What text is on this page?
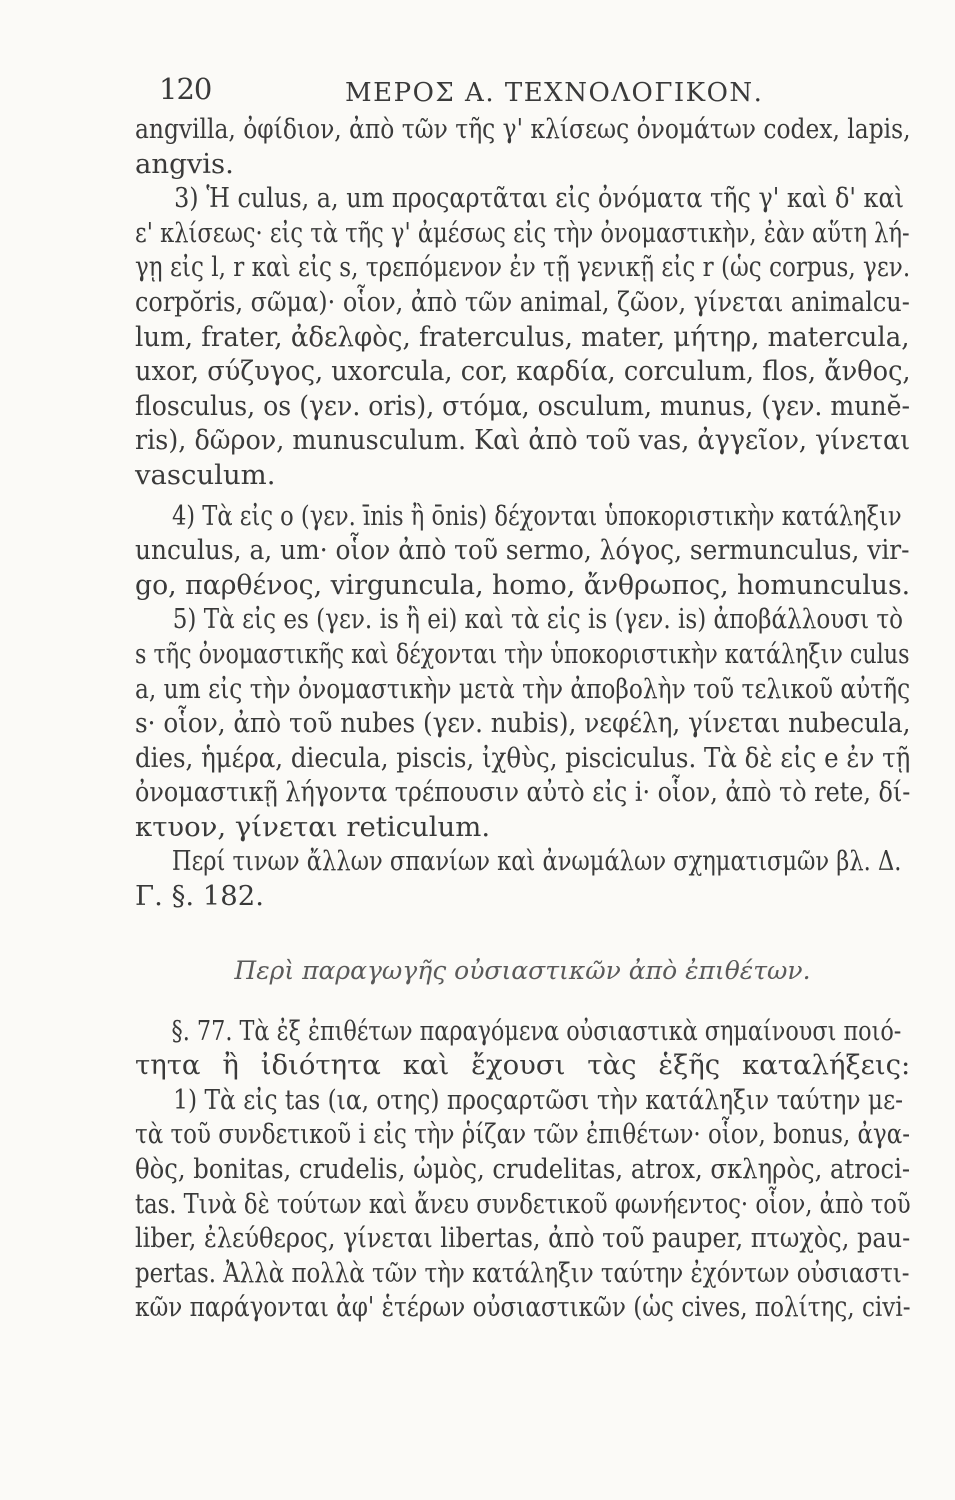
120	ΜΕΡΟΣ Α. ΤΕΧΝΟΛΟΓΙΚΟΝ.
angvilla, ὀφίδιον, ἀπὸ τῶν τῆς γ' κλίσεως ὀνομάτων codex, lapis,
angvis.
3) Ἡ culus, a, um προςαρτᾶται εἰς ὀνόματα τῆς γ' καὶ δ' καὶ
ε' κλίσεως· εἰς τὰ τῆς γ' ἀμέσως εἰς τὴν ὀνομαστικὴν, ἐὰν αὕτη λή-
γῃ εἰς l, r καὶ εἰς s, τρεπόμενον ἐν τῇ γενικῇ εἰς r (ὡς corpus, γεν.
corpŏris, σῶμα)· οἷον, ἀπὸ τῶν animal, ζῶον, γίνεται animalcu-
lum, frater, ἀδελφὸς, fraterculus, mater, μήτηρ, matercula,
uxor, σύζυγος, uxorcula, cor, καρδία, corculum, flos, ἄνθος,
flosculus, os (γεν. oris), στόμα, osculum, munus, (γεν. munĕ-
ris), δῶρον, munusculum. Καὶ ἀπὸ τοῦ vas, ἀγγεῖον, γίνεται
vasculum.
4) Τὰ εἰς o (γεν. īnis ἢ ōnis) δέχονται ὑποκοριστικὴν κατάληξιν
unculus, a, um· οἷον ἀπὸ τοῦ sermo, λόγος, sermunculus, vir-
go, παρθένος, virguncula, homo, ἄνθρωπος, homunculus.
5) Τὰ εἰς es (γεν. is ἢ ei) καὶ τὰ εἰς is (γεν. is) ἀποβάλλουσι τὸ
s τῆς ὀνομαστικῆς καὶ δέχονται τὴν ὑποκοριστικὴν κατάληξιν culus
a, um εἰς τὴν ὀνομαστικὴν μετὰ τὴν ἀποβολὴν τοῦ τελικοῦ αὐτῆς
s· οἷον, ἀπὸ τοῦ nubes (γεν. nubis), νεφέλη, γίνεται nubecula,
dies, ἡμέρα, diecula, piscis, ἰχθὺς, pisciculus. Τὰ δὲ εἰς e ἐν τῇ
ὀνομαστικῇ λήγοντα τρέπουσιν αὐτὸ εἰς i· οἷον, ἀπὸ τὸ rete, δί-
κτυον, γίνεται reticulum.
Περί τινων ἄλλων σπανίων καὶ ἀνωμάλων σχηματισμῶν βλ. Δ.
Γ. §. 182.
Περὶ παραγωγῆς οὐσιαστικῶν ἀπὸ ἐπιθέτων.
§. 77. Τὰ ἐξ ἐπιθέτων παραγόμενα οὐσιαστικὰ σημαίνουσι ποιό-
τητα ἢ ἰδιότητα καὶ ἔχουσι τὰς ἑξῆς καταλήξεις:
1) Τὰ εἰς tas (ια, οτης) προςαρτῶσι τὴν κατάληξιν ταύτην με-
τὰ τοῦ συνδετικοῦ i εἰς τὴν ῥίζαν τῶν ἐπιθέτων· οἷον, bonus, ἀγα-
θὸς, bonitas, crudelis, ὠμὸς, crudelitas, atrox, σκληρὸς, atroci-
tas. Τινὰ δὲ τούτων καὶ ἄνευ συνδετικοῦ φωνήεντος· οἷον, ἀπὸ τοῦ
liber, ἐλεύθερος, γίνεται libertas, ἀπὸ τοῦ pauper, πτωχὸς, pau-
pertas. Ἀλλὰ πολλὰ τῶν τὴν κατάληξιν ταύτην ἐχόντων οὐσιαστι-
κῶν παράγονται ἀφ' ἑτέρων οὐσιαστικῶν (ὡς cives, πολίτης, civi-
